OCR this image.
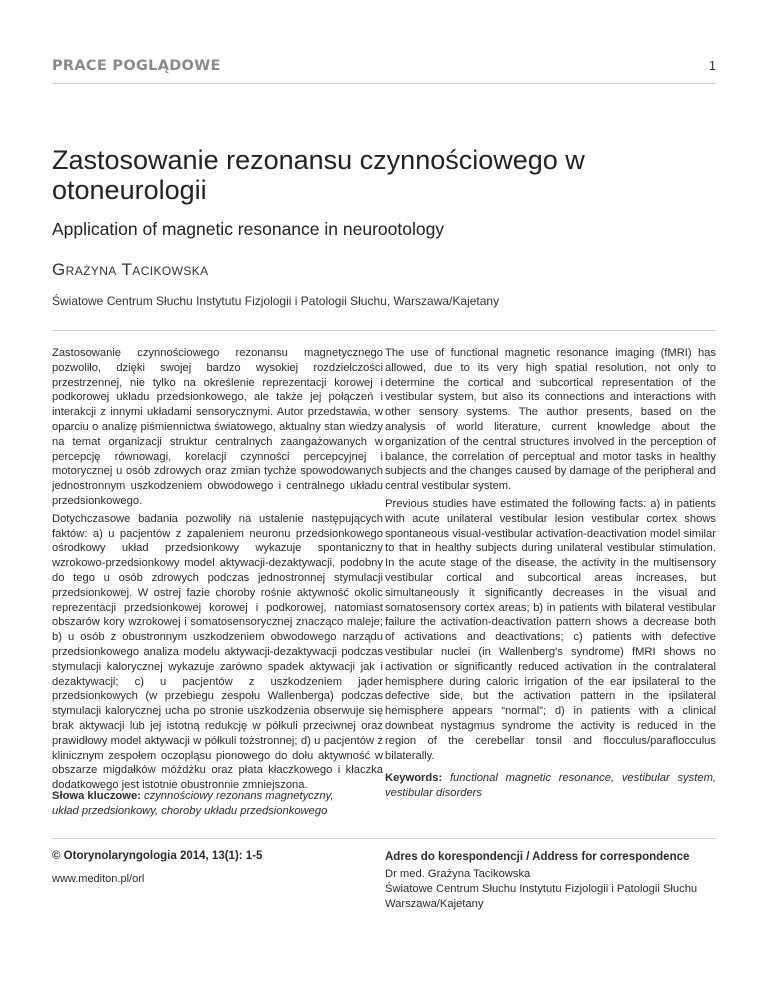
PRACE POGLĄDOWE	1
Zastosowanie rezonansu czynnościowego w otoneurologii
Application of magnetic resonance in neurootology
Grażyna Tacikowska
Światowe Centrum Słuchu Instytutu Fizjologii i Patologii Słuchu, Warszawa/Kajetany

Zastosowanie czynnościowego rezonansu magnetycznego pozwoliło, dzięki swojej bardzo wysokiej rozdzielczości przestrzennej, nie tylko na określenie reprezentacji korowej i podkorowej układu przedsionkowego, ale także jej połączeń i interakcji z innymi układami sensorycznymi. Autor przedstawia, w oparciu o analizę piśmiennictwa światowego, aktualny stan wiedzy na temat organizacji struktur centralnych zaangażowanych w percepcję równowagi, korelacji czynności percepcyjnej i motorycznej u osób zdrowych oraz zmian tychże spowodowanych jednostronnym uszkodzeniem obwodowego i centralnego układu przedsionkowego.

Dotychczasowe badania pozwoliły na ustalenie następujących faktów: a) u pacjentów z zapaleniem neuronu przedsionkowego ośrodkowy układ przedsionkowy wykazuje spontaniczny wzrokowo-przedsionkowy model aktywacji-dezaktywacji, podobny do tego u osób zdrowych podczas jednostronnej stymulacji przedsionkowej. W ostrej fazie choroby rośnie aktywność okolic reprezentacji przedsionkowej korowej i podkorowej, natomiast obszarów kory wzrokowej i somatosensorycznej znacząco maleje; b) u osób z obustronnym uszkodzeniem obwodowego narządu przedsionkowego analiza modelu aktywacji-dezaktywacji podczas stymulacji kalorycznej wykazuje zarówno spadek aktywacji jak i dezaktywacji; c) u pacjentów z uszkodzeniem jąder przedsionkowych (w przebiegu zespołu Wallenberga) podczas stymulacji kalorycznej ucha po stronie uszkodzenia obserwuje się brak aktywacji lub jej istotną redukcję w półkuli przeciwnej oraz prawidłowy model aktywacji w półkuli tożstronnej; d) u pacjentów z klinicznym zespołem oczopląsu pionowego do dołu aktywność w obszarze migdałków móżdżku oraz płata kłaczkowego i kłaczka dodatkowego jest istotnie obustronnie zmniejszona.

Słowa kluczowe: czynnościowy rezonans magnetyczny, układ przedsionkowy, choroby układu przedsionkowego

The use of functional magnetic resonance imaging (fMRI) has allowed, due to its very high spatial resolution, not only to determine the cortical and subcortical representation of the vestibular system, but also its connections and interactions with other sensory systems. The author presents, based on the analysis of world literature, current knowledge about the organization of the central structures involved in the perception of balance, the correlation of perceptual and motor tasks in healthy subjects and the changes caused by damage of the peripheral and central vestibular system.

Previous studies have estimated the following facts: a) in patients with acute unilateral vestibular lesion vestibular cortex shows spontaneous visual-vestibular activation-deactivation model similar to that in healthy subjects during unilateral vestibular stimulation. In the acute stage of the disease, the activity in the multisensory vestibular cortical and subcortical areas increases, but simultaneously it significantly decreases in the visual and somatosensory cortex areas; b) in patients with bilateral vestibular failure the activation-deactivation pattern shows a decrease both of activations and deactivations; c) patients with defective vestibular nuclei (in Wallenberg's syndrome) fMRI shows no activation or significantly reduced activation in the contralateral hemisphere during caloric irrigation of the ear ipsilateral to the defective side, but the activation pattern in the ipsilateral hemisphere appears “normal”; d) in patients with a clinical downbeat nystagmus syndrome the activity is reduced in the region of the cerebellar tonsil and flocculus/paraflocculus bilaterally.

Keywords: functional magnetic resonance, vestibular system, vestibular disorders

© Otorynolaryngologia 2014, 13(1): 1-5
www.mediton.pl/orl
Adres do korespondencji / Address for correspondence
Dr med. Grażyna Tacikowska
Światowe Centrum Słuchu Instytutu Fizjologii i Patologii Słuchu
Warszawa/Kajetany
